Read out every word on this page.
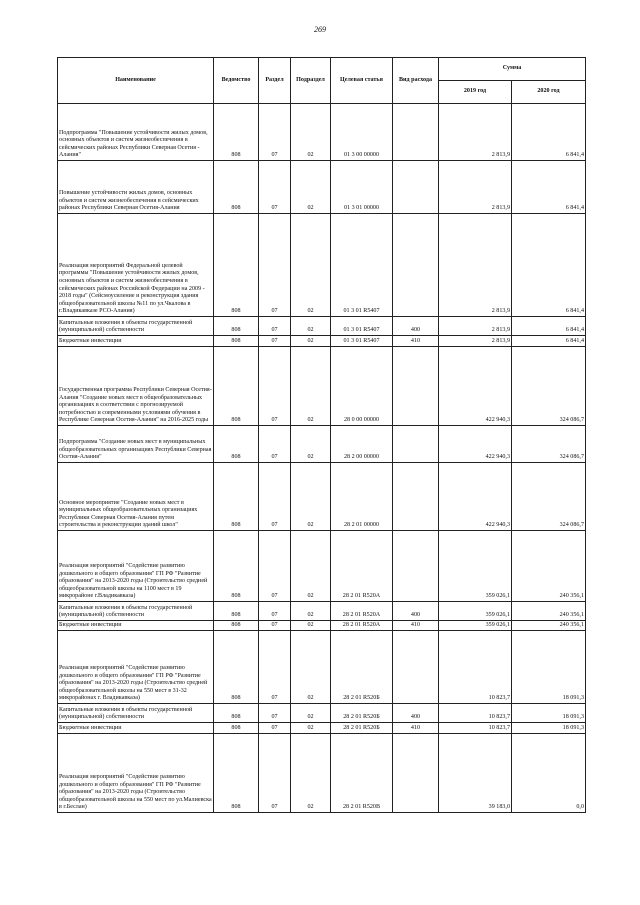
269
Наименование	Ведомство	Раздел	Подраздел	Целевая статья	Вид расхода	Сумма	
						2019 год	2020 год
Подпрограмма "Повышение устойчивости жилых домов, основных объектов и систем жизнеобеспечения в сейсмических районах Республики Северная Осетия - Алания"	808	07	02	01 3 00 00000		2 813,9	6 841,4
Повышение устойчивости жилых домов, основных объектов и систем жизнеобеспечения в сейсмических районах Республики Северная Осетия-Алания	808	07	02	01 3 01 00000		2 813,9	6 841,4
Реализация мероприятий Федеральной целевой программы "Повышение устойчивости жилых домов, основных объектов и систем жизнеобеспечения в сейсмических районах Российской Федерации на 2009 - 2018 годы" (Сейсмоусиление и реконструкция здания общеобразовательной школы №11 по ул.Чкалова в г.Владикавказе РСО-Алания)	808	07	02	01 3 01 R5407		2 813,9	6 841,4
Капитальные вложения в объекты государственной (муниципальной) собственности	808	07	02	01 3 01 R5407	400	2 813,9	6 841,4
Бюджетные инвестиции	808	07	02	01 3 01 R5407	410	2 813,9	6 841,4
Государственная программа Республики Северная Осетия-Алания "Создание новых мест в общеобразовательных организациях в соответствии с прогнозируемой потребностью и современными условиями обучения в Республике Северная Осетия-Алания" на 2016-2025 годы	808	07	02	28 0 00 00000		422 940,3	324 086,7
Подпрограмма "Создание новых мест в муниципальных общеобразовательных организациях Республики Северная Осетия-Алания"	808	07	02	28 2 00 00000		422 940,3	324 086,7
Основное мероприятие "Создание новых мест в муниципальных общеобразовательных организациях Республики Северная Осетия-Алания путем строительства и реконструкции зданий школ"	808	07	02	28 2 01 00000		422 940,3	324 086,7
Реализация мероприятий "Содействие развитию дошкольного и общего образования" ГП РФ "Развитие образования" на 2013-2020 годы (Строительство средней общеобразовательной школы на 1100 мест в 19 микрорайоне г.Владикавказа)	808	07	02	28 2 01 R520A		359 026,1	240 356,1
Капитальные вложения в объекты государственной (муниципальной) собственности	808	07	02	28 2 01 R520A	400	359 026,1	240 356,1
Бюджетные инвестиции	808	07	02	28 2 01 R520A	410	359 026,1	240 356,1
Реализация мероприятий "Содействие развитию дошкольного и общего образования" ГП РФ "Развитие образования" на 2013-2020 годы (Строительство средней общеобразовательной школы на 550 мест в 31-32 микрорайонах г. Владикавказа)	808	07	02	28 2 01 R520Б		10 823,7	18 091,3
Капитальные вложения в объекты государственной (муниципальной) собственности	808	07	02	28 2 01 R520Б	400	10 823,7	18 091,3
Бюджетные инвестиции	808	07	02	28 2 01 R520Б	410	10 823,7	18 091,3
Реализация мероприятий "Содействие развитию дошкольного и общего образования" ГП РФ "Развитие образования" на 2013-2020 годы (Строительство общеобразовательной школы на 550 мест по ул.Малиевска в г.Беслан)	808	07	02	28 2 01 R520В		39 183,0	0,0
